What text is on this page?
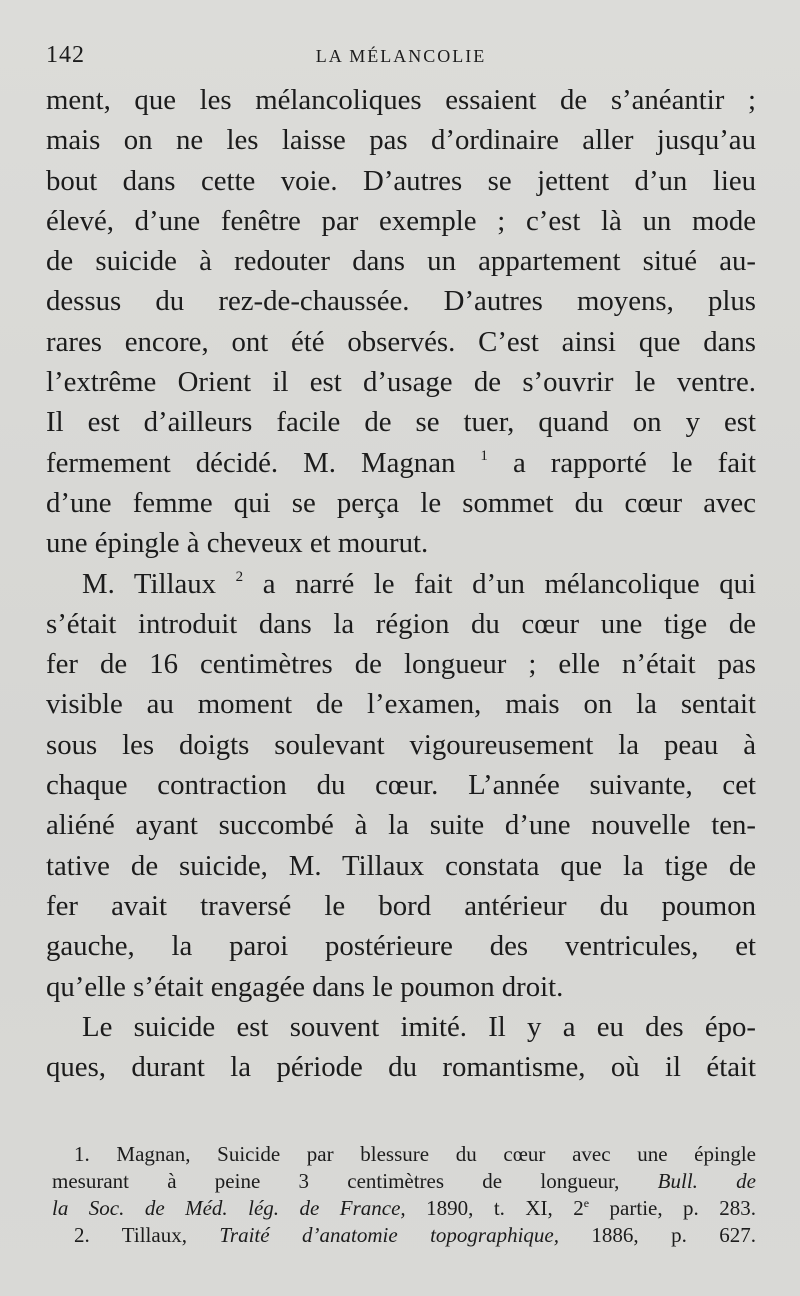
142	LA MÉLANCOLIE
ment, que les mélancoliques essaient de s’anéantir ;
mais on ne les laisse pas d’ordinaire aller jusqu’au
bout dans cette voie. D’autres se jettent d’un lieu
élevé, d’une fenêtre par exemple ; c’est là un mode
de suicide à redouter dans un appartement situé au-
dessus du rez-de-chaussée. D’autres moyens, plus
rares encore, ont été observés. C’est ainsi que dans
l’extrême Orient il est d’usage de s’ouvrir le ventre.
Il est d’ailleurs facile de se tuer, quand on y est
fermement décidé. M. Magnan $^1$ a rapporté le fait
d’une femme qui se perça le sommet du cœur avec
une épingle à cheveux et mourut.
M. Tillaux $^2$ a narré le fait d’un mélancolique qui
s’était introduit dans la région du cœur une tige de
fer de 16 centimètres de longueur ; elle n’était pas
visible au moment de l’examen, mais on la sentait
sous les doigts soulevant vigoureusement la peau à
chaque contraction du cœur. L’année suivante, cet
aliéné ayant succombé à la suite d’une nouvelle ten-
tative de suicide, M. Tillaux constata que la tige de
fer avait traversé le bord antérieur du poumon
gauche, la paroi postérieure des ventricules, et
qu’elle s’était engagée dans le poumon droit.
Le suicide est souvent imité. Il y a eu des épo-
ques, durant la période du romantisme, où il était
1. Magnan, Suicide par blessure du cœur avec une épingle
mesurant à peine 3 centimètres de longueur, Bull. de
la Soc. de Méd. lég. de France, 1890, t. XI, 2e partie, p. 283.
2. Tillaux, Traité d’anatomie topographique, 1886, p. 627.
